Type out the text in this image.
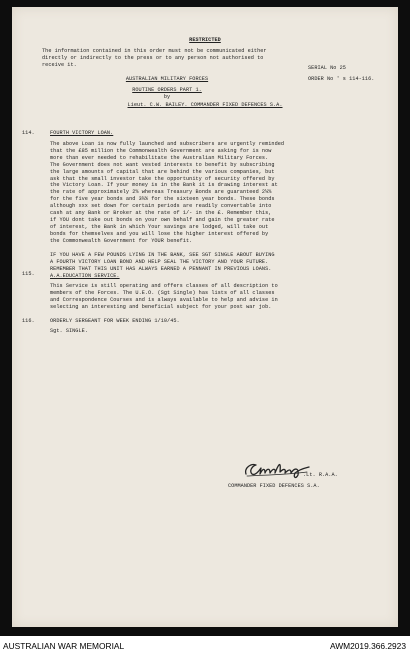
RESTRICTED
The information contained in this order must not be communicated either
directly or indirectly to the press or to any person not authorised to
receive it.	SERIAL No 25
ORDER No ' s 114-116.
AUSTRALIAN MILITARY FORCES
ROUTINE ORDERS PART 1.
by
Lieut. C.W. BAILEY. COMMANDER FIXED DEFENCES S.A.
114.	FOURTH VICTORY LOAN.

The above Loan is now fully launched and subscribers are urgently reminded

that the £85 million the Commonwealth Government are asking for is now

more than ever needed to rehabilitate the Australian Military Forces.

The Government does not want vested interests to benefit by subscribing

the large amounts of capital that are behind the various companies, but

ask that the small investor take the opportunity of security offered by

the Victory Loan. If your money is in the Bank it is drawing interest at

the rate of approximately 2% whereas Treasury Bonds are guaranteed 2¼%

for the five year bonds and 3¼% for the sixteen year bonds. These bonds

although xxx set down for certain periods are readily convertable into

cash at any Bank or Broker at the rate of 1/- in the £. Remember this,

if YOU dont take out bonds on your own behalf and gain the greater rate

of interest, the Bank in which Your savings are lodged, will take out

bonds for themselves and you will lose the higher interest offered by

the Commonwealth Government for YOUR benefit.

IF YOU HAVE A FEW POUNDS LYING IN THE BANK, SEE SGT SINGLE ABOUT BUYING

A FOURTH VICTORY LOAN BOND AND HELP SEAL THE VICTORY AND YOUR FUTURE.

REMEMBER THAT THIS UNIT HAS ALWAYS EARNED A PENNANT IN PREVIOUS LOANS.

115.	A.A.EDUCATION SERVICE.

This Service is still operating and offers classes of all description to

members of the Forces. The U.E.O. (Sgt Single) has lists of all classes

and Correspondence Courses and is always available to help and advise in

selecting an interesting and beneficial subject for your post war job.

116.	ORDERLY SERGEANT FOR WEEK ENDING 1/10/45.
Sgt. SINGLE.
.Lt. R.A.A.
COMMANDER FIXED DEFENCES S.A.
AUSTRALIAN WAR MEMORIAL	AWM2019.366.2923
